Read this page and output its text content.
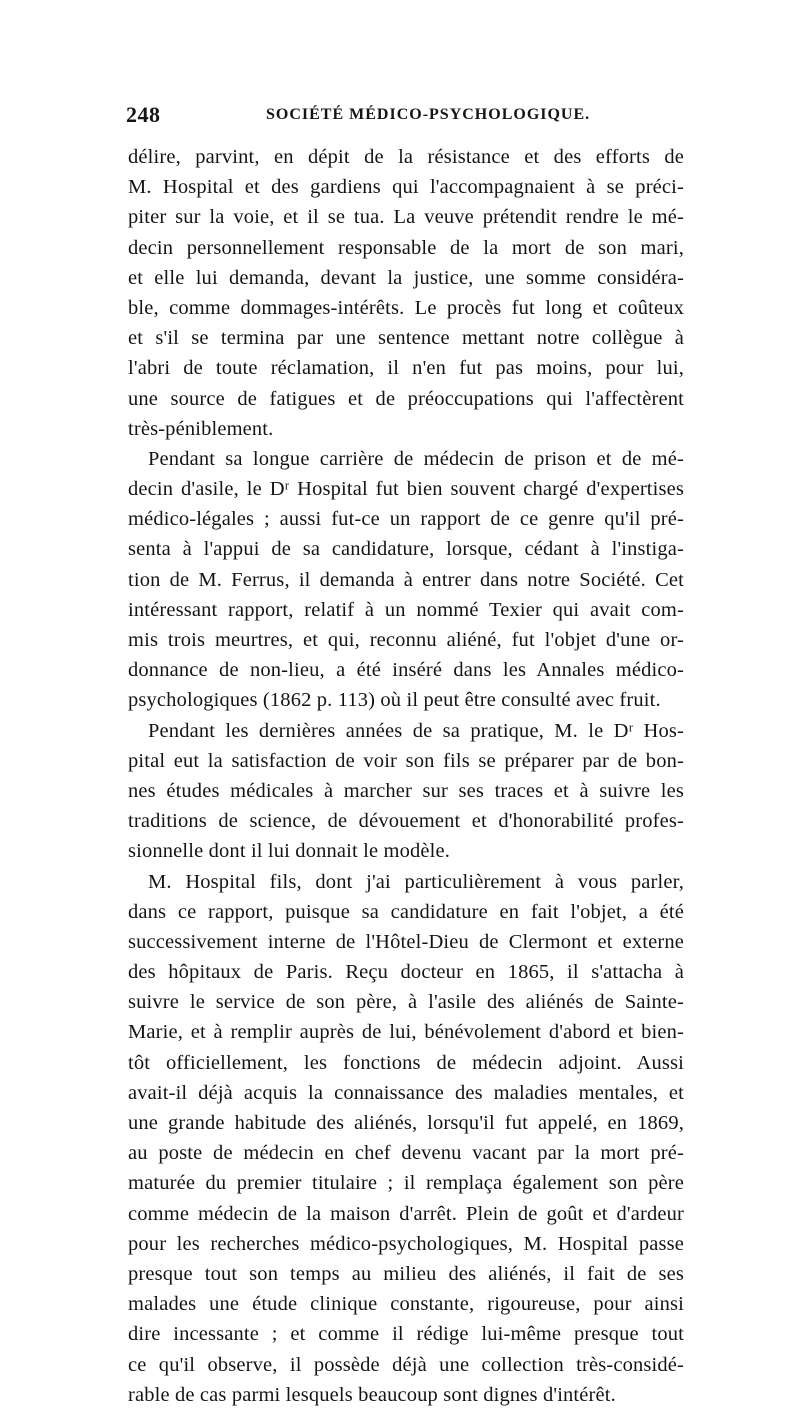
248	SOCIÉTÉ MÉDICO-PSYCHOLOGIQUE.
délire, parvint, en dépit de la résistance et des efforts de
M. Hospital et des gardiens qui l'accompagnaient à se préci-
piter sur la voie, et il se tua. La veuve prétendit rendre le mé-
decin personnellement responsable de la mort de son mari,
et elle lui demanda, devant la justice, une somme considéra-
ble, comme dommages-intérêts. Le procès fut long et coûteux
et s'il se termina par une sentence mettant notre collègue à
l'abri de toute réclamation, il n'en fut pas moins, pour lui,
une source de fatigues et de préoccupations qui l'affectèrent
très-péniblement.
Pendant sa longue carrière de médecin de prison et de mé-
decin d'asile, le Dʳ Hospital fut bien souvent chargé d'expertises
médico-légales ; aussi fut-ce un rapport de ce genre qu'il pré-
senta à l'appui de sa candidature, lorsque, cédant à l'instiga-
tion de M. Ferrus, il demanda à entrer dans notre Société. Cet
intéressant rapport, relatif à un nommé Texier qui avait com-
mis trois meurtres, et qui, reconnu aliéné, fut l'objet d'une or-
donnance de non-lieu, a été inséré dans les Annales médico-
psychologiques (1862 p. 113) où il peut être consulté avec fruit.
Pendant les dernières années de sa pratique, M. le Dʳ Hos-
pital eut la satisfaction de voir son fils se préparer par de bon-
nes études médicales à marcher sur ses traces et à suivre les
traditions de science, de dévouement et d'honorabilité profes-
sionnelle dont il lui donnait le modèle.
M. Hospital fils, dont j'ai particulièrement à vous parler,
dans ce rapport, puisque sa candidature en fait l'objet, a été
successivement interne de l'Hôtel-Dieu de Clermont et externe
des hôpitaux de Paris. Reçu docteur en 1865, il s'attacha à
suivre le service de son père, à l'asile des aliénés de Sainte-
Marie, et à remplir auprès de lui, bénévolement d'abord et bien-
tôt officiellement, les fonctions de médecin adjoint. Aussi
avait-il déjà acquis la connaissance des maladies mentales, et
une grande habitude des aliénés, lorsqu'il fut appelé, en 1869,
au poste de médecin en chef devenu vacant par la mort pré-
maturée du premier titulaire ; il remplaça également son père
comme médecin de la maison d'arrêt. Plein de goût et d'ardeur
pour les recherches médico-psychologiques, M. Hospital passe
presque tout son temps au milieu des aliénés, il fait de ses
malades une étude clinique constante, rigoureuse, pour ainsi
dire incessante ; et comme il rédige lui-même presque tout
ce qu'il observe, il possède déjà une collection très-considé-
rable de cas parmi lesquels beaucoup sont dignes d'intérêt.
